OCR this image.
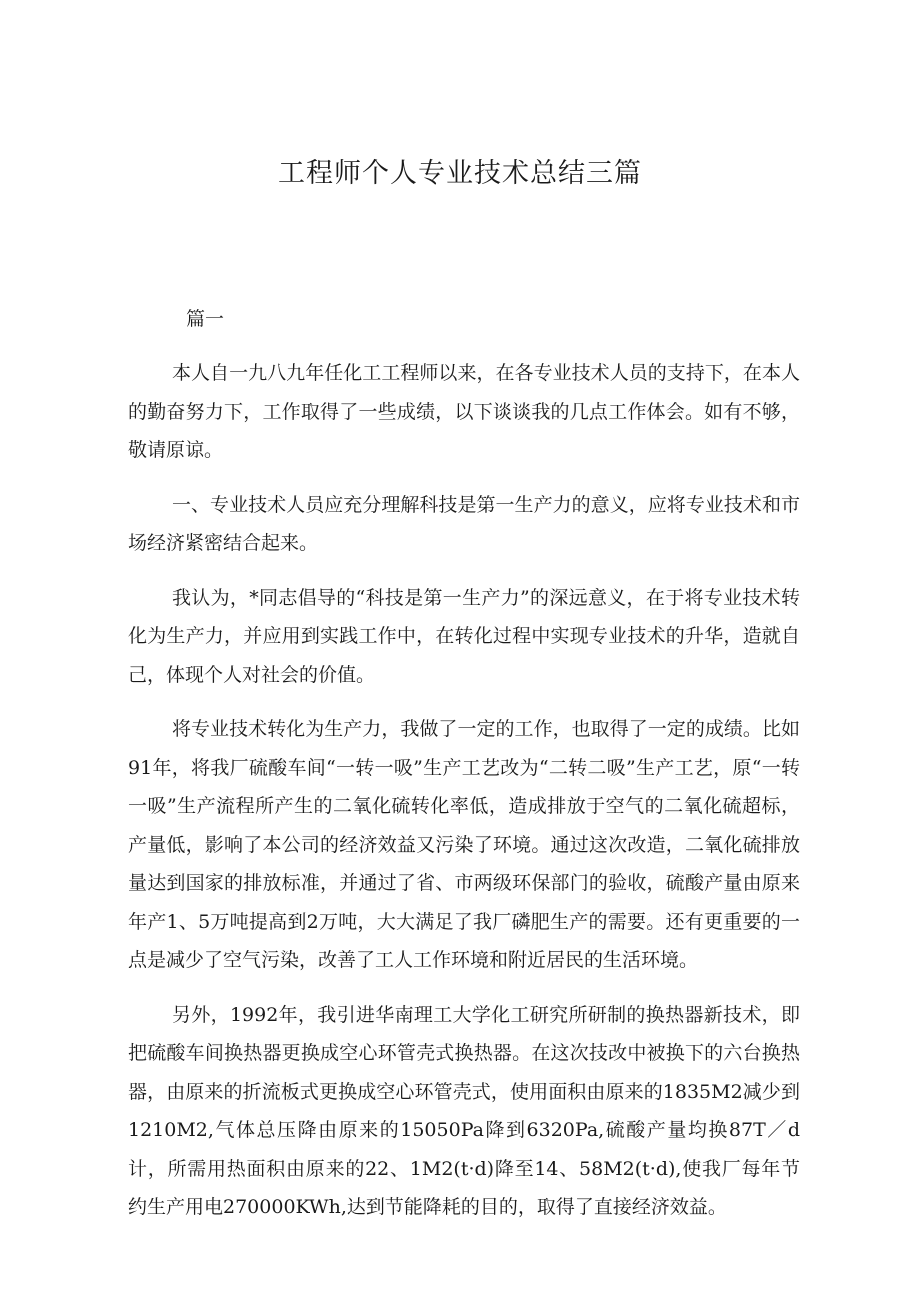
工程师个人专业技术总结三篇

篇一

本人自一九八九年任化工工程师以来，在各专业技术人员的支持下，在本人的勤奋努力下，工作取得了一些成绩，以下谈谈我的几点工作体会。如有不够，敬请原谅。

一、专业技术人员应充分理解科技是第一生产力的意义，应将专业技术和市场经济紧密结合起来。

我认为，*同志倡导的“科技是第一生产力”的深远意义，在于将专业技术转化为生产力，并应用到实践工作中，在转化过程中实现专业技术的升华，造就自己，体现个人对社会的价值。

将专业技术转化为生产力，我做了一定的工作，也取得了一定的成绩。比如91年，将我厂硫酸车间“一转一吸”生产工艺改为“二转二吸”生产工艺，原“一转一吸”生产流程所产生的二氧化硫转化率低，造成排放于空气的二氧化硫超标，产量低，影响了本公司的经济效益又污染了环境。通过这次改造，二氧化硫排放量达到国家的排放标准，并通过了省、市两级环保部门的验收，硫酸产量由原来年产1、5万吨提高到2万吨，大大满足了我厂磷肥生产的需要。还有更重要的一点是减少了空气污染，改善了工人工作环境和附近居民的生活环境。

另外，1992年，我引进华南理工大学化工研究所研制的换热器新技术，即把硫酸车间换热器更换成空心环管壳式换热器。在这次技改中被换下的六台换热器，由原来的折流板式更换成空心环管壳式，使用面积由原来的1835M2减少到1210M2,气体总压降由原来的15050Pa降到6320Pa,硫酸产量均换87T／d计，所需用热面积由原来的22、1M2(t·d)降至14、58M2(t·d),使我厂每年节约生产用电270000KWh,达到节能降耗的目的，取得了直接经济效益。
